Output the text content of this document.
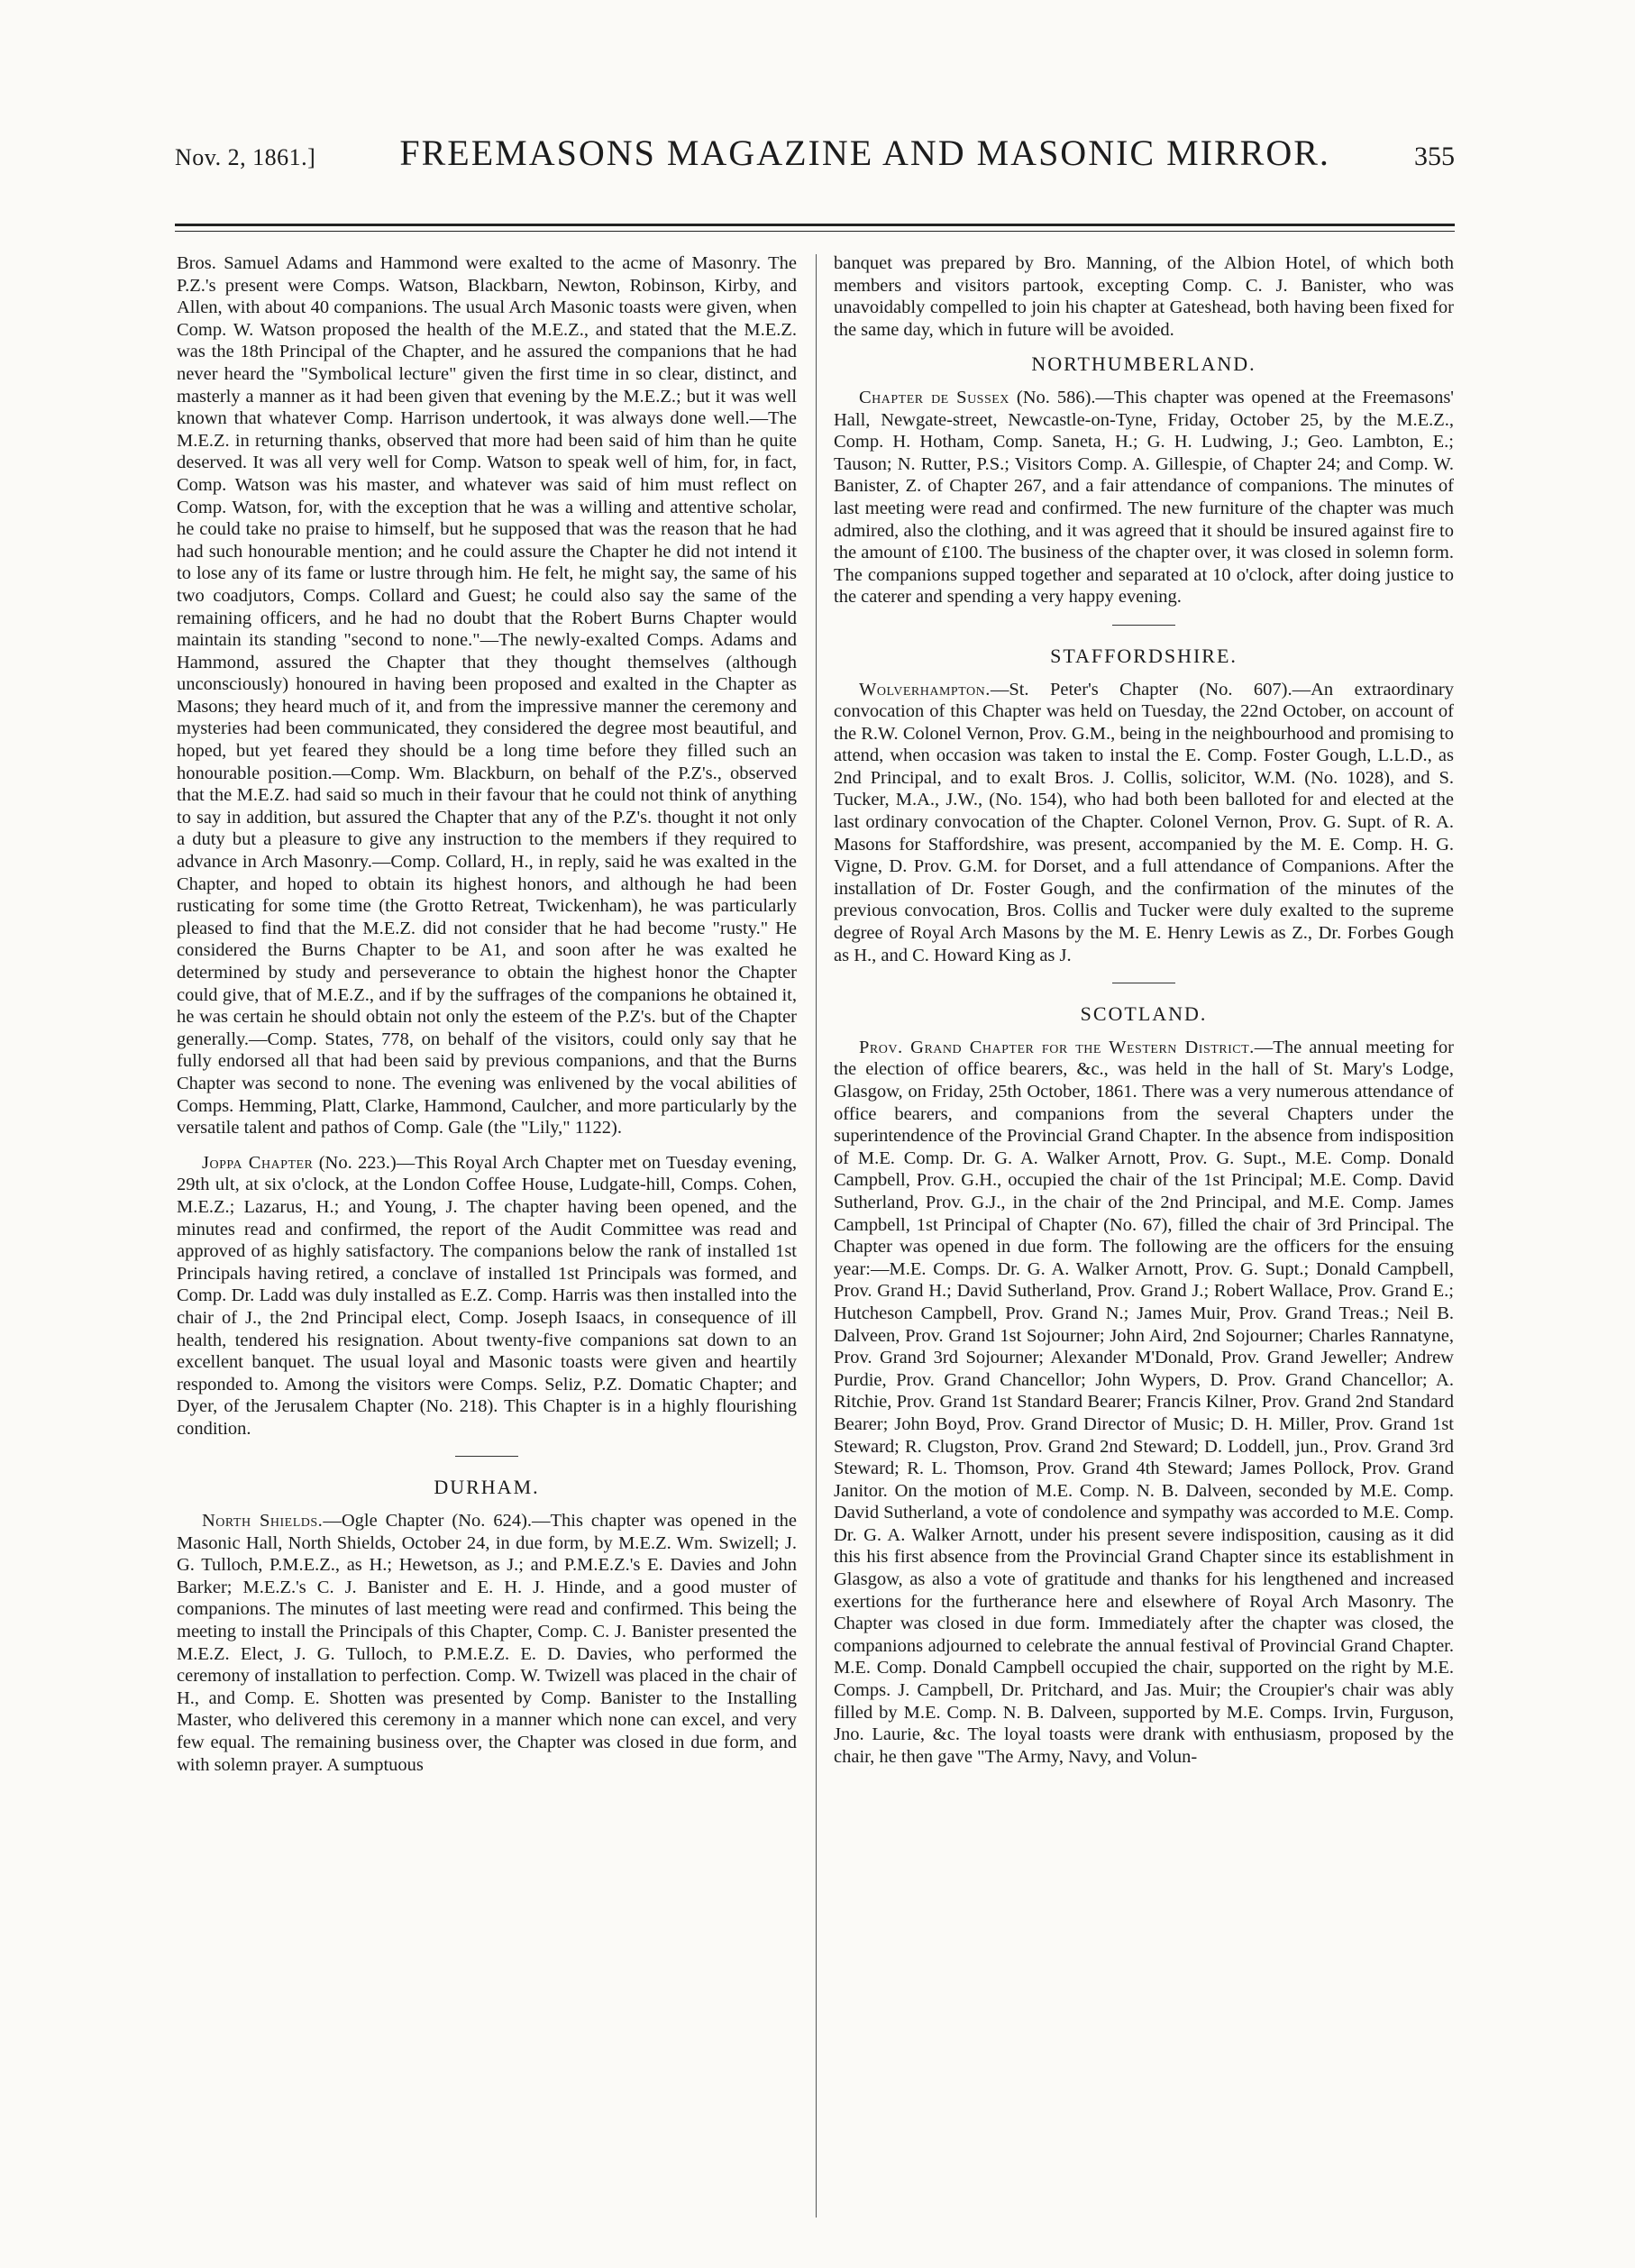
Nov. 2, 1861.] FREEMASONS MAGAZINE AND MASONIC MIRROR.	355

Bros. Samuel Adams and Hammond were exalted to the acme of Masonry. The P.Z.'s present were Comps. Watson, Blackbarn, Newton, Robinson, Kirby, and Allen, with about 40 companions. The usual Arch Masonic toasts were given, when Comp. W. Watson proposed the health of the M.E.Z., and stated that the M.E.Z. was the 18th Principal of the Chapter, and he assured the companions that he had never heard the "Symbolical lecture" given the first time in so clear, distinct, and masterly a manner as it had been given that evening by the M.E.Z.; but it was well known that whatever Comp. Harrison undertook, it was always done well.—The M.E.Z. in returning thanks, observed that more had been said of him than he quite deserved. It was all very well for Comp. Watson to speak well of him, for, in fact, Comp. Watson was his master, and whatever was said of him must reflect on Comp. Watson, for, with the exception that he was a willing and attentive scholar, he could take no praise to himself, but he supposed that was the reason that he had had such honourable mention; and he could assure the Chapter he did not intend it to lose any of its fame or lustre through him. He felt, he might say, the same of his two coadjutors, Comps. Collard and Guest; he could also say the same of the remaining officers, and he had no doubt that the Robert Burns Chapter would maintain its standing "second to none."—The newly-exalted Comps. Adams and Hammond, assured the Chapter that they thought themselves (although unconsciously) honoured in having been proposed and exalted in the Chapter as Masons; they heard much of it, and from the impressive manner the ceremony and mysteries had been communicated, they considered the degree most beautiful, and hoped, but yet feared they should be a long time before they filled such an honourable position.—Comp. Wm. Blackburn, on behalf of the P.Z's., observed that the M.E.Z. had said so much in their favour that he could not think of anything to say in addition, but assured the Chapter that any of the P.Z's. thought it not only a duty but a pleasure to give any instruction to the members if they required to advance in Arch Masonry.—Comp. Collard, H., in reply, said he was exalted in the Chapter, and hoped to obtain its highest honors, and although he had been rusticating for some time (the Grotto Retreat, Twickenham), he was particularly pleased to find that the M.E.Z. did not consider that he had become "rusty." He considered the Burns Chapter to be A1, and soon after he was exalted he determined by study and perseverance to obtain the highest honor the Chapter could give, that of M.E.Z., and if by the suffrages of the companions he obtained it, he was certain he should obtain not only the esteem of the P.Z's. but of the Chapter generally.—Comp. States, 778, on behalf of the visitors, could only say that he fully endorsed all that had been said by previous companions, and that the Burns Chapter was second to none. The evening was enlivened by the vocal abilities of Comps. Hemming, Platt, Clarke, Hammond, Caulcher, and more particularly by the versatile talent and pathos of Comp. Gale (the "Lily," 1122).

Joppa Chapter (No. 223.)—This Royal Arch Chapter met on Tuesday evening, 29th ult, at six o'clock, at the London Coffee House, Ludgate-hill, Comps. Cohen, M.E.Z.; Lazarus, H.; and Young, J. The chapter having been opened, and the minutes read and confirmed, the report of the Audit Committee was read and approved of as highly satisfactory. The companions below the rank of installed 1st Principals having retired, a conclave of installed 1st Principals was formed, and Comp. Dr. Ladd was duly installed as E.Z. Comp. Harris was then installed into the chair of J., the 2nd Principal elect, Comp. Joseph Isaacs, in consequence of ill health, tendered his resignation. About twenty-five companions sat down to an excellent banquet. The usual loyal and Masonic toasts were given and heartily responded to. Among the visitors were Comps. Seliz, P.Z. Domatic Chapter; and Dyer, of the Jerusalem Chapter (No. 218). This Chapter is in a highly flourishing condition.

DURHAM.

North Shields.—Ogle Chapter (No. 624).—This chapter was opened in the Masonic Hall, North Shields, October 24, in due form, by M.E.Z. Wm. Swizell; J. G. Tulloch, P.M.E.Z., as H.; Hewetson, as J.; and P.M.E.Z.'s E. Davies and John Barker; M.E.Z.'s C. J. Banister and E. H. J. Hinde, and a good muster of companions. The minutes of last meeting were read and confirmed. This being the meeting to install the Principals of this Chapter, Comp. C. J. Banister presented the M.E.Z. Elect, J. G. Tulloch, to P.M.E.Z. E. D. Davies, who performed the ceremony of installation to perfection. Comp. W. Twizell was placed in the chair of H., and Comp. E. Shotten was presented by Comp. Banister to the Installing Master, who delivered this ceremony in a manner which none can excel, and very few equal. The remaining business over, the Chapter was closed in due form, and with solemn prayer. A sumptuous

banquet was prepared by Bro. Manning, of the Albion Hotel, of which both members and visitors partook, excepting Comp. C. J. Banister, who was unavoidably compelled to join his chapter at Gateshead, both having been fixed for the same day, which in future will be avoided.

NORTHUMBERLAND.

Chapter de Sussex (No. 586).—This chapter was opened at the Freemasons' Hall, Newgate-street, Newcastle-on-Tyne, Friday, October 25, by the M.E.Z., Comp. H. Hotham, Comp. Saneta, H.; G. H. Ludwing, J.; Geo. Lambton, E.; Tauson; N. Rutter, P.S.; Visitors Comp. A. Gillespie, of Chapter 24; and Comp. W. Banister, Z. of Chapter 267, and a fair attendance of companions. The minutes of last meeting were read and confirmed. The new furniture of the chapter was much admired, also the clothing, and it was agreed that it should be insured against fire to the amount of £100. The business of the chapter over, it was closed in solemn form. The companions supped together and separated at 10 o'clock, after doing justice to the caterer and spending a very happy evening.

STAFFORDSHIRE.

Wolverhampton.—St. Peter's Chapter (No. 607).—An extraordinary convocation of this Chapter was held on Tuesday, the 22nd October, on account of the R.W. Colonel Vernon, Prov. G.M., being in the neighbourhood and promising to attend, when occasion was taken to instal the E. Comp. Foster Gough, L.L.D., as 2nd Principal, and to exalt Bros. J. Collis, solicitor, W.M. (No. 1028), and S. Tucker, M.A., J.W., (No. 154), who had both been balloted for and elected at the last ordinary convocation of the Chapter. Colonel Vernon, Prov. G. Supt. of R. A. Masons for Staffordshire, was present, accompanied by the M. E. Comp. H. G. Vigne, D. Prov. G.M. for Dorset, and a full attendance of Companions. After the installation of Dr. Foster Gough, and the confirmation of the minutes of the previous convocation, Bros. Collis and Tucker were duly exalted to the supreme degree of Royal Arch Masons by the M. E. Henry Lewis as Z., Dr. Forbes Gough as H., and C. Howard King as J.

SCOTLAND.

Prov. Grand Chapter for the Western District.—The annual meeting for the election of office bearers, &c., was held in the hall of St. Mary's Lodge, Glasgow, on Friday, 25th October, 1861. There was a very numerous attendance of office bearers, and companions from the several Chapters under the superintendence of the Provincial Grand Chapter. In the absence from indisposition of M.E. Comp. Dr. G. A. Walker Arnott, Prov. G. Supt., M.E. Comp. Donald Campbell, Prov. G.H., occupied the chair of the 1st Principal; M.E. Comp. David Sutherland, Prov. G.J., in the chair of the 2nd Principal, and M.E. Comp. James Campbell, 1st Principal of Chapter (No. 67), filled the chair of 3rd Principal. The Chapter was opened in due form. The following are the officers for the ensuing year:—M.E. Comps. Dr. G. A. Walker Arnott, Prov. G. Supt.; Donald Campbell, Prov. Grand H.; David Sutherland, Prov. Grand J.; Robert Wallace, Prov. Grand E.; Hutcheson Campbell, Prov. Grand N.; James Muir, Prov. Grand Treas.; Neil B. Dalveen, Prov. Grand 1st Sojourner; John Aird, 2nd Sojourner; Charles Rannatyne, Prov. Grand 3rd Sojourner; Alexander M'Donald, Prov. Grand Jeweller; Andrew Purdie, Prov. Grand Chancellor; John Wypers, D. Prov. Grand Chancellor; A. Ritchie, Prov. Grand 1st Standard Bearer; Francis Kilner, Prov. Grand 2nd Standard Bearer; John Boyd, Prov. Grand Director of Music; D. H. Miller, Prov. Grand 1st Steward; R. Clugston, Prov. Grand 2nd Steward; D. Loddell, jun., Prov. Grand 3rd Steward; R. L. Thomson, Prov. Grand 4th Steward; James Pollock, Prov. Grand Janitor. On the motion of M.E. Comp. N. B. Dalveen, seconded by M.E. Comp. David Sutherland, a vote of condolence and sympathy was accorded to M.E. Comp. Dr. G. A. Walker Arnott, under his present severe indisposition, causing as it did this his first absence from the Provincial Grand Chapter since its establishment in Glasgow, as also a vote of gratitude and thanks for his lengthened and increased exertions for the furtherance here and elsewhere of Royal Arch Masonry. The Chapter was closed in due form. Immediately after the chapter was closed, the companions adjourned to celebrate the annual festival of Provincial Grand Chapter. M.E. Comp. Donald Campbell occupied the chair, supported on the right by M.E. Comps. J. Campbell, Dr. Pritchard, and Jas. Muir; the Croupier's chair was ably filled by M.E. Comp. N. B. Dalveen, supported by M.E. Comps. Irvin, Furguson, Jno. Laurie, &c. The loyal toasts were drank with enthusiasm, proposed by the chair, he then gave "The Army, Navy, and Volun-
